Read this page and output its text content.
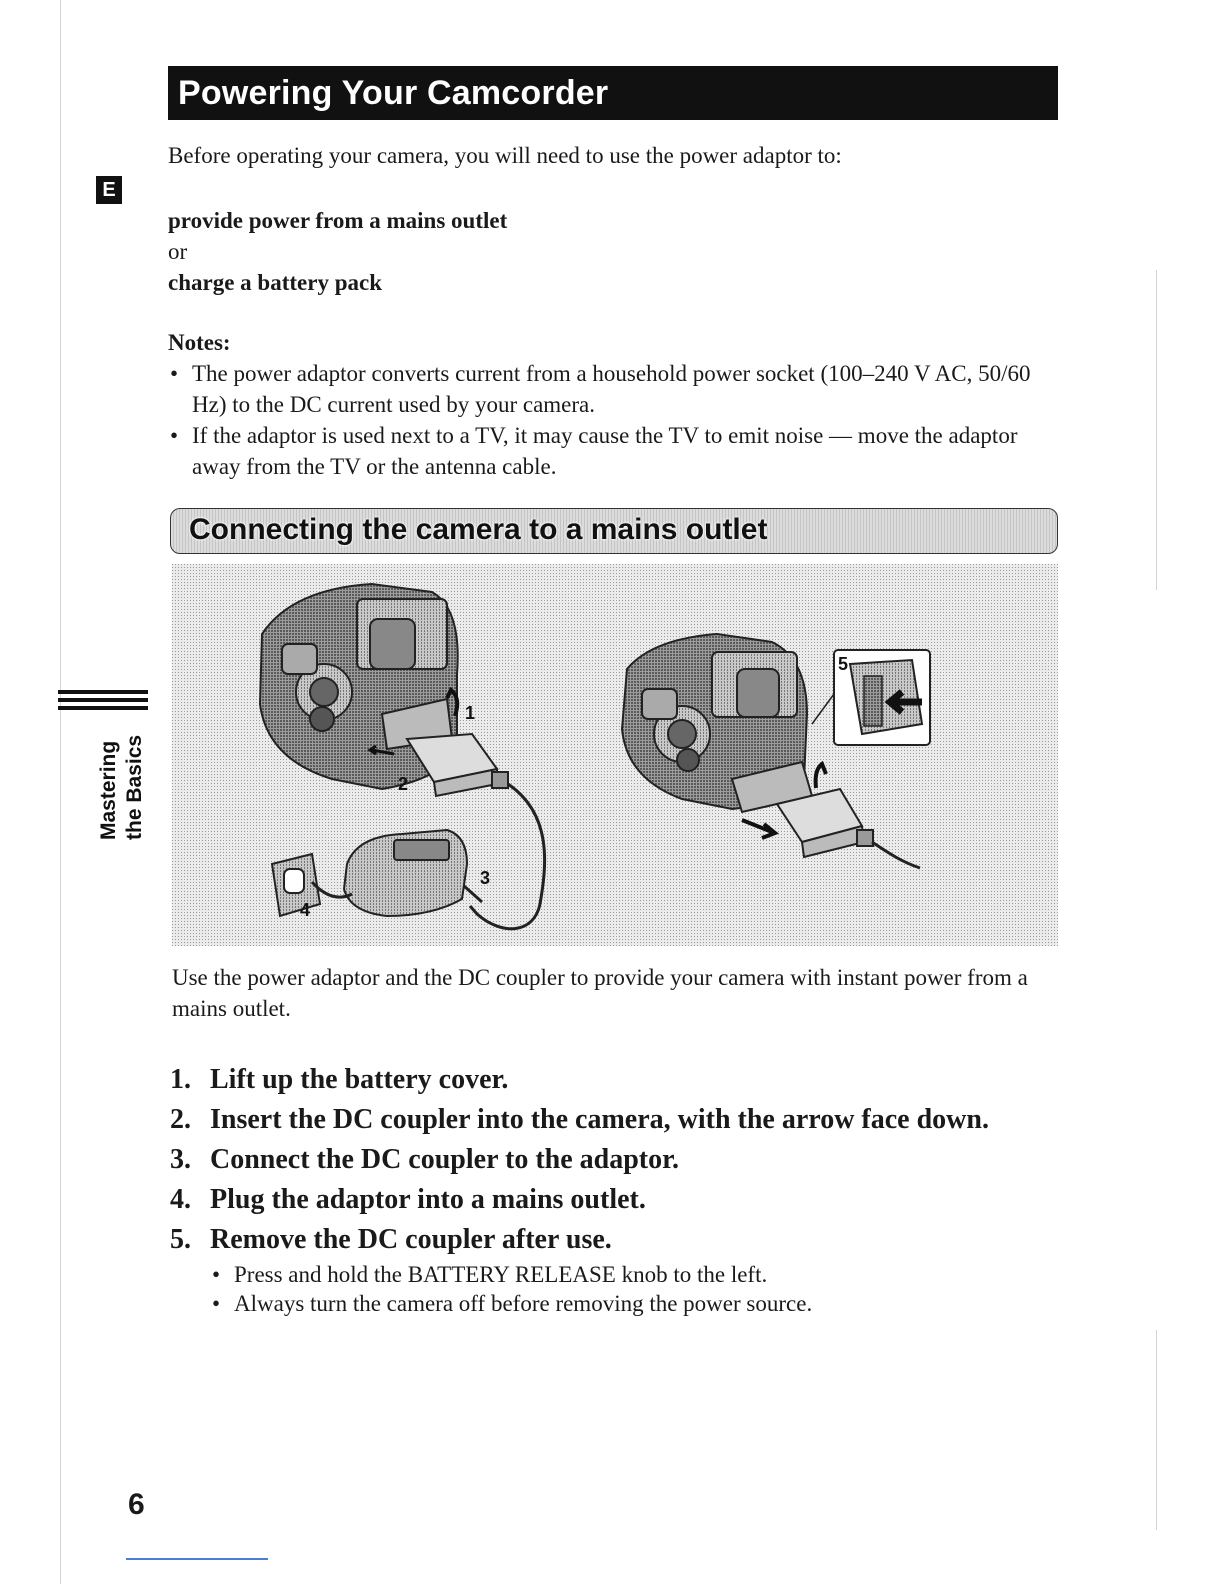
Powering Your Camcorder
E
Before operating your camera, you will need to use the power adaptor to:
provide power from a mains outlet
or
charge a battery pack
Notes:
• The power adaptor converts current from a household power socket (100–240 V AC, 50/60 Hz) to the DC current used by your camera.
• If the adaptor is used next to a TV, it may cause the TV to emit noise — move the adaptor away from the TV or the antenna cable.
Connecting the camera to a mains outlet
1
2
4
3
5
Use the power adaptor and the DC coupler to provide your camera with instant power from a mains outlet.
1. Lift up the battery cover.
2. Insert the DC coupler into the camera, with the arrow face down.
3. Connect the DC coupler to the adaptor.
4. Plug the adaptor into a mains outlet.
5. Remove the DC coupler after use.
• Press and hold the BATTERY RELEASE knob to the left.
• Always turn the camera off before removing the power source.
Mastering the Basics
6
